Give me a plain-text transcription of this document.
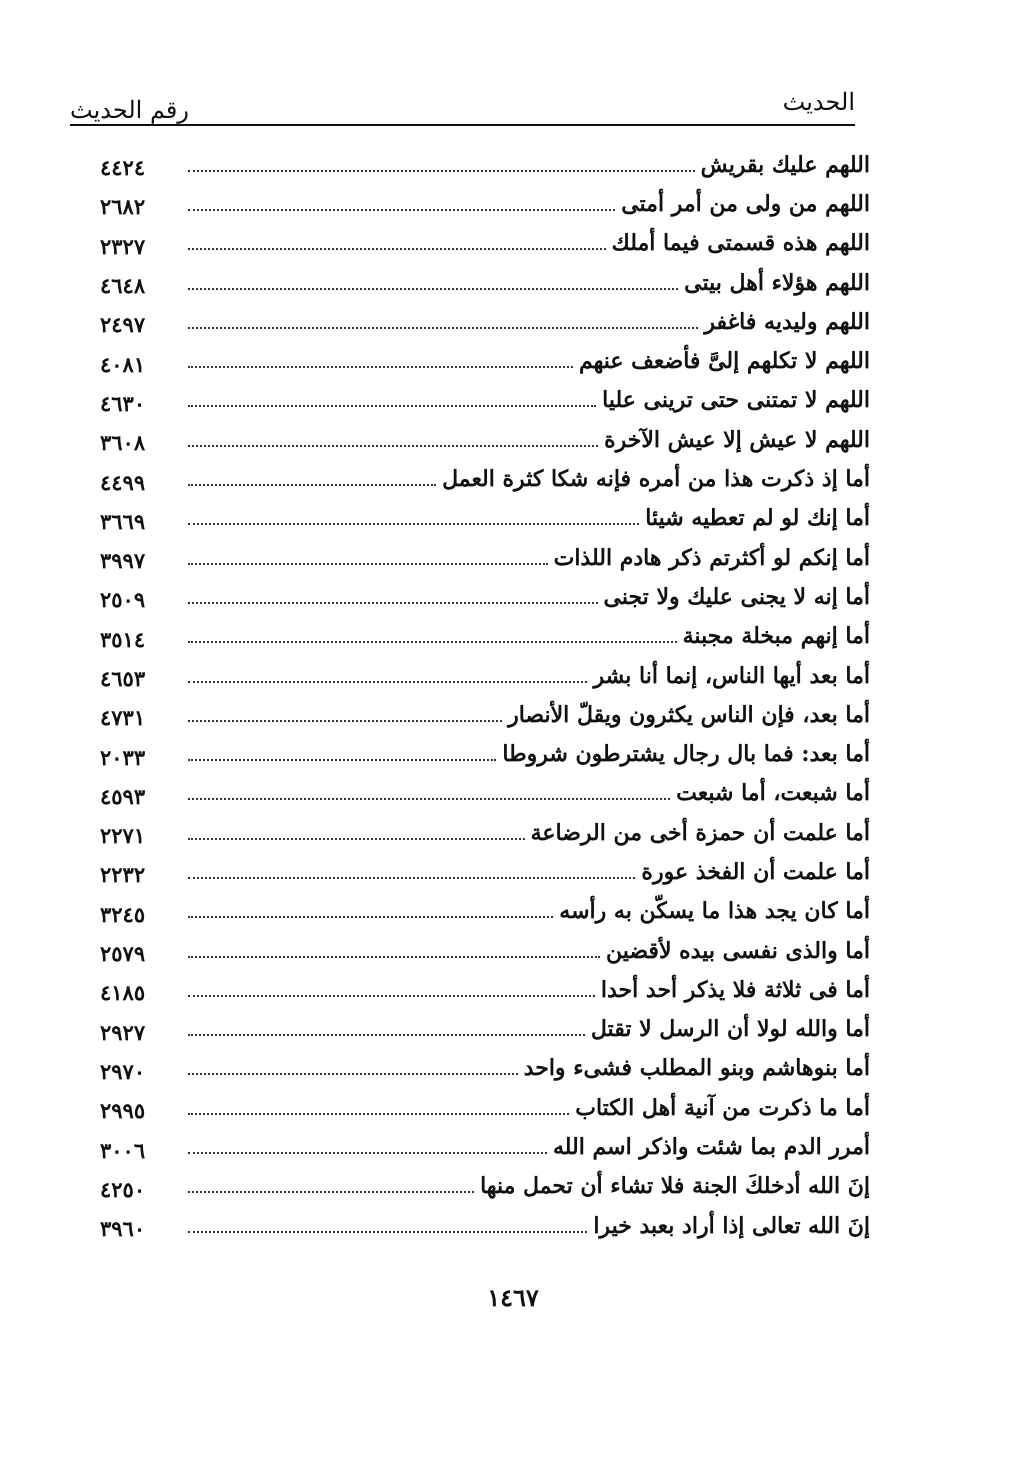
الحديث
رقم الحديث
اللهم عليك بقريش
٤٤٢٤
اللهم من ولى من أمر أمتى
٢٦٨٢
اللهم هذه قسمتى فيما أملك
٢٣٢٧
اللهم هؤلاء أهل بيتى
٤٦٤٨
اللهم وليديه فاغفر
٢٤٩٧
اللهم لا تكلهم إلىَّ فأضعف عنهم
٤٠٨١
اللهم لا تمتنى حتى ترينى عليا
٤٦٣٠
اللهم لا عيش إلا عيش الآخرة
٣٦٠٨
أما إذ ذكرت هذا من أمره فإنه شكا كثرة العمل
٤٤٩٩
أما إنك لو لم تعطيه شيئا
٣٦٦٩
أما إنكم لو أكثرتم ذكر هادم اللذات
٣٩٩٧
أما إنه لا يجنى عليك ولا تجنى
٢٥٠٩
أما إنهم مبخلة مجبنة
٣٥١٤
أما بعد أيها الناس، إنما أنا بشر
٤٦٥٣
أما بعد، فإن الناس يكثرون ويقلّ الأنصار
٤٧٣١
أما بعد: فما بال رجال يشترطون شروطا
٢٠٣٣
أما شبعت، أما شبعت
٤٥٩٣
أما علمت أن حمزة أخى من الرضاعة
٢٢٧١
أما علمت أن الفخذ عورة
٢٢٣٢
أما كان يجد هذا ما يسكّن به رأسه
٣٢٤٥
أما والذى نفسى بيده لأقضين
٢٥٧٩
أما فى ثلاثة فلا يذكر أحد أحدا
٤١٨٥
أما والله لولا أن الرسل لا تقتل
٢٩٢٧
أما بنوهاشم وبنو المطلب فشىء واحد
٢٩٧٠
أما ما ذكرت من آنية أهل الكتاب
٢٩٩٥
أمرر الدم بما شئت واذكر اسم الله
٣٠٠٦
إنَ الله أدخلكَ الجنة فلا تشاء أن تحمل منها
٤٢٥٠
إنَ الله تعالى إذا أراد بعبد خيرا
٣٩٦٠
١٤٦٧
